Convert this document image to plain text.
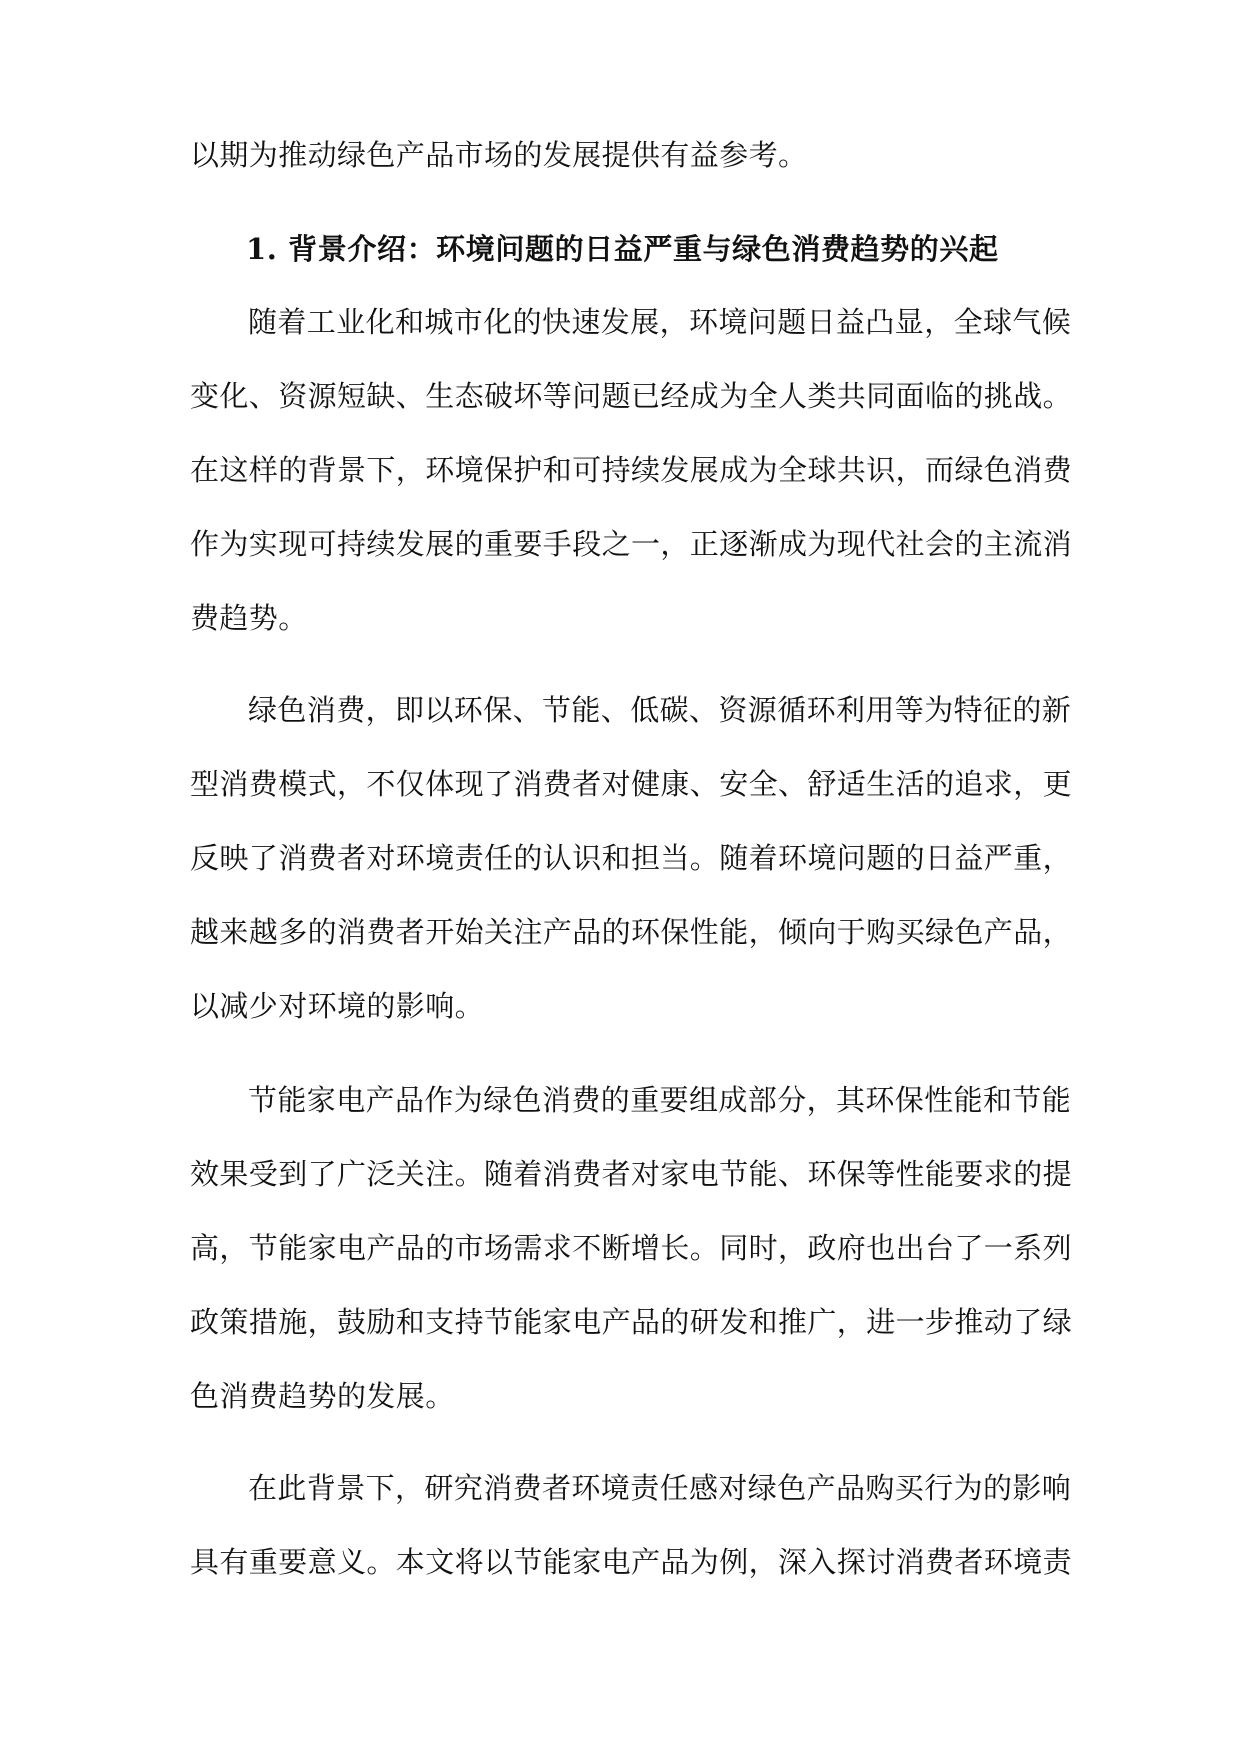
以期为推动绿色产品市场的发展提供有益参考。
1. 背景介绍：环境问题的日益严重与绿色消费趋势的兴起
随着工业化和城市化的快速发展，环境问题日益凸显，全球气候
变化、资源短缺、生态破坏等问题已经成为全人类共同面临的挑战。
在这样的背景下，环境保护和可持续发展成为全球共识，而绿色消费
作为实现可持续发展的重要手段之一，正逐渐成为现代社会的主流消
费趋势。
绿色消费，即以环保、节能、低碳、资源循环利用等为特征的新
型消费模式，不仅体现了消费者对健康、安全、舒适生活的追求，更
反映了消费者对环境责任的认识和担当。随着环境问题的日益严重，
越来越多的消费者开始关注产品的环保性能，倾向于购买绿色产品，
以减少对环境的影响。
节能家电产品作为绿色消费的重要组成部分，其环保性能和节能
效果受到了广泛关注。随着消费者对家电节能、环保等性能要求的提
高，节能家电产品的市场需求不断增长。同时，政府也出台了一系列
政策措施，鼓励和支持节能家电产品的研发和推广，进一步推动了绿
色消费趋势的发展。
在此背景下，研究消费者环境责任感对绿色产品购买行为的影响
具有重要意义。本文将以节能家电产品为例，深入探讨消费者环境责
